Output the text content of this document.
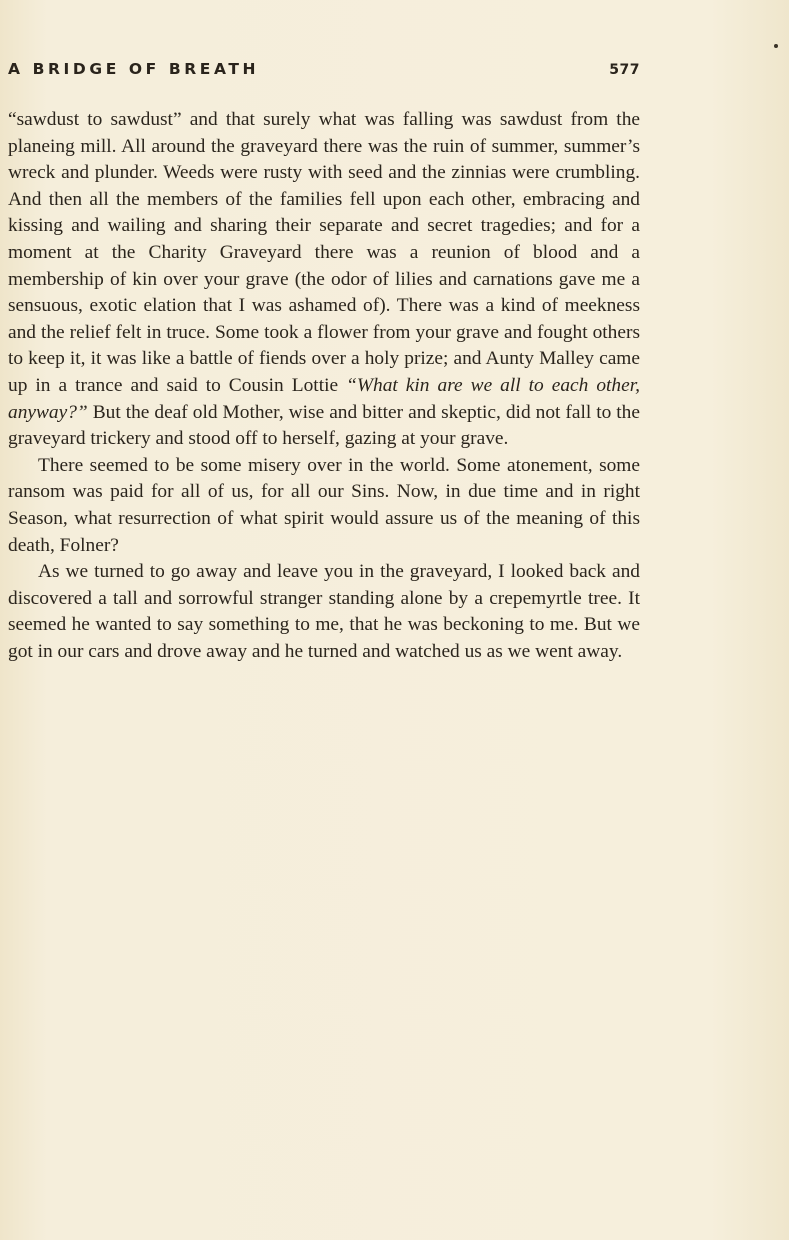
A BRIDGE OF BREATH	577

“sawdust to sawdust” and that surely what was falling was sawdust from the planeing mill. All around the graveyard there was the ruin of summer, summer’s wreck and plunder. Weeds were rusty with seed and the zinnias were crumbling. And then all the members of the families fell upon each other, embracing and kissing and wailing and sharing their separate and secret tragedies; and for a moment at the Charity Graveyard there was a reunion of blood and a membership of kin over your grave (the odor of lilies and carnations gave me a sensuous, exotic elation that I was ashamed of). There was a kind of meekness and the relief felt in truce. Some took a flower from your grave and fought others to keep it, it was like a battle of fiends over a holy prize; and Aunty Malley came up in a trance and said to Cousin Lottie “What kin are we all to each other, anyway?” But the deaf old Mother, wise and bitter and skeptic, did not fall to the graveyard trickery and stood off to herself, gazing at your grave.

There seemed to be some misery over in the world. Some atonement, some ransom was paid for all of us, for all our Sins. Now, in due time and in right Season, what resurrection of what spirit would assure us of the meaning of this death, Folner?

As we turned to go away and leave you in the graveyard, I looked back and discovered a tall and sorrowful stranger standing alone by a crepemyrtle tree. It seemed he wanted to say something to me, that he was beckoning to me. But we got in our cars and drove away and he turned and watched us as we went away.
